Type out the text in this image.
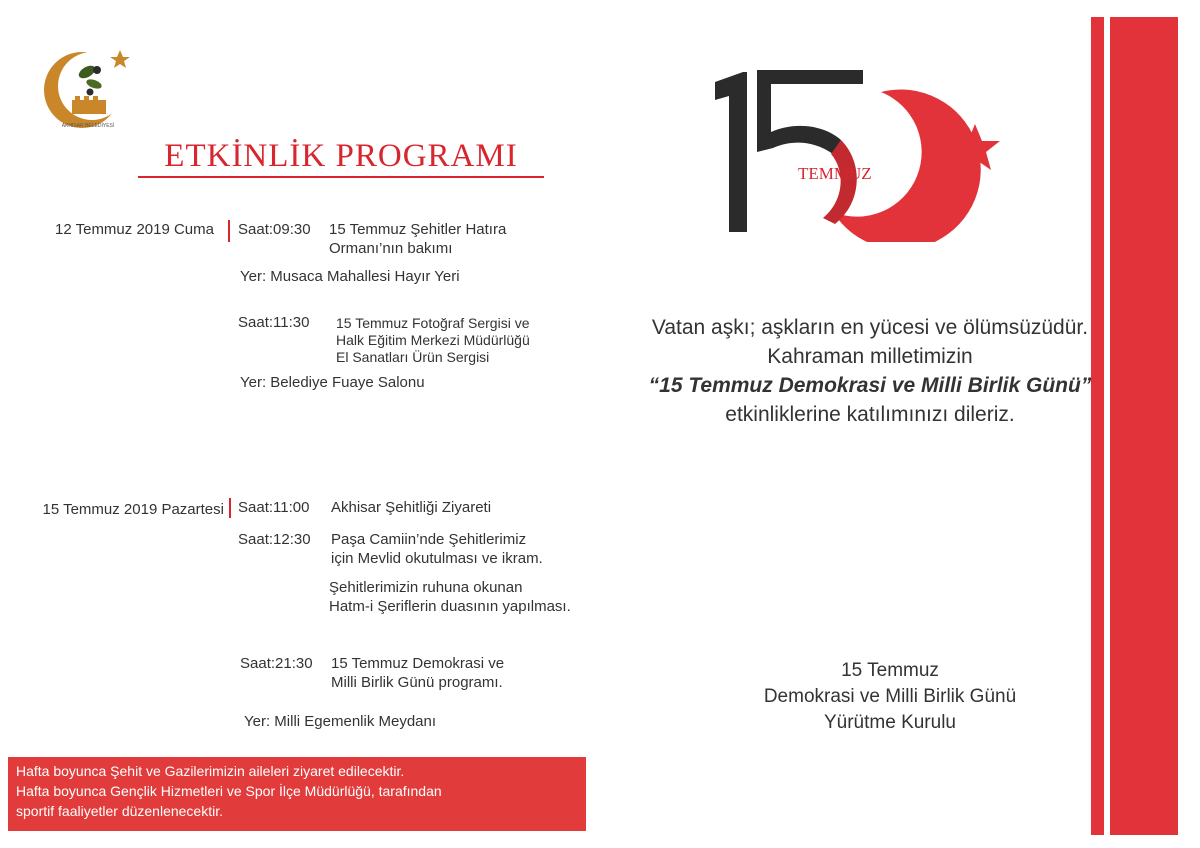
AKHİSAR BELEDİYESİ
ETKİNLİK PROGRAMI
12 Temmuz 2019 Cuma Saat:09:30 15 Temmuz Şehitler Hatıra
Ormanı’nın bakımı
Yer: Musaca Mahallesi Hayır Yeri
Saat:11:30 15 Temmuz Fotoğraf Sergisi ve
Halk Eğitim Merkezi Müdürlüğü
El Sanatları Ürün Sergisi
Yer: Belediye Fuaye Salonu
15 Temmuz 2019 Pazartesi Saat:11:00 Akhisar Şehitliği Ziyareti
Saat:12:30 Paşa Camiin’nde Şehitlerimiz
için Mevlid okutulması ve ikram.
Şehitlerimizin ruhuna okunan
Hatm-i Şeriflerin duasının yapılması.
Saat:21:30 15 Temmuz Demokrasi ve
Milli Birlik Günü programı.
Yer: Milli Egemenlik Meydanı
Hafta boyunca Şehit ve Gazilerimizin aileleri ziyaret edilecektir.
Hafta boyunca Gençlik Hizmetleri ve Spor İlçe Müdürlüğü, tarafından
sportif faaliyetler düzenlenecektir.
TEMMUZ
Vatan aşkı; aşkların en yücesi ve ölümsüzüdür.
Kahraman milletimizin
“15 Temmuz Demokrasi ve Milli Birlik Günü”
etkinliklerine katılımınızı dileriz.
15 Temmuz
Demokrasi ve Milli Birlik Günü
Yürütme Kurulu
